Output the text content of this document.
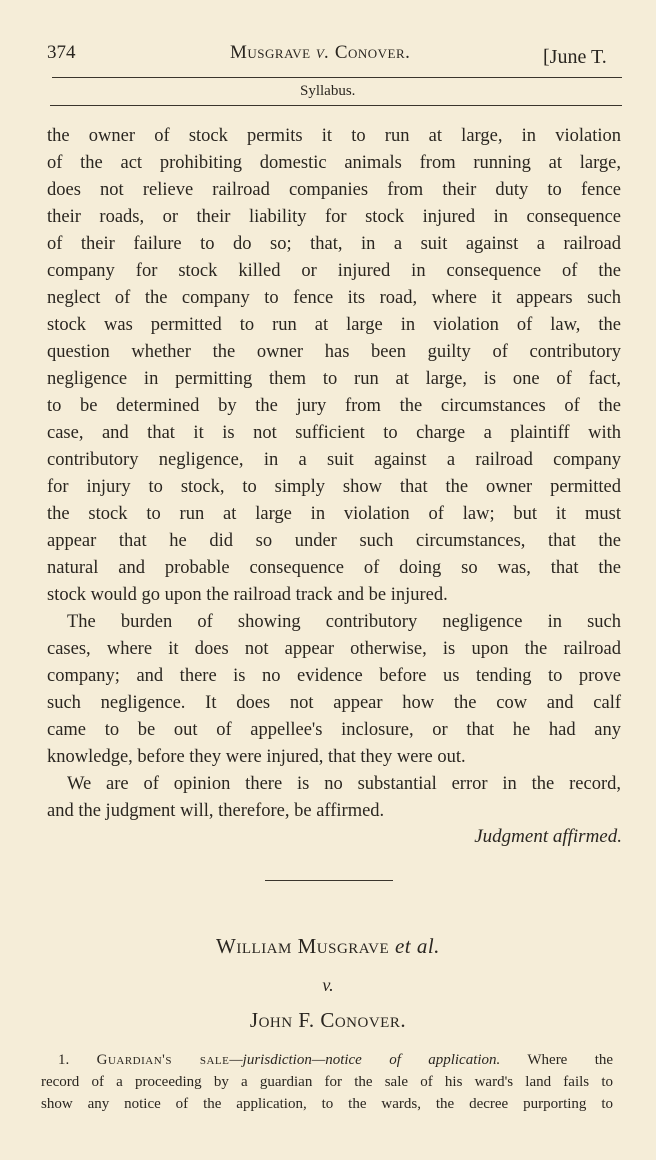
374	Musgrave v. Conover.	[June T.
Syllabus.
the owner of stock permits it to run at large, in violation
of the act prohibiting domestic animals from running at large,
does not relieve railroad companies from their duty to fence
their roads, or their liability for stock injured in consequence
of their failure to do so; that, in a suit against a railroad
company for stock killed or injured in consequence of the
neglect of the company to fence its road, where it appears such
stock was permitted to run at large in violation of law, the
question whether the owner has been guilty of contributory
negligence in permitting them to run at large, is one of fact,
to be determined by the jury from the circumstances of the
case, and that it is not sufficient to charge a plaintiff with
contributory negligence, in a suit against a railroad company
for injury to stock, to simply show that the owner permitted
the stock to run at large in violation of law; but it must
appear that he did so under such circumstances, that the
natural and probable consequence of doing so was, that the
stock would go upon the railroad track and be injured.
The burden of showing contributory negligence in such
cases, where it does not appear otherwise, is upon the railroad
company; and there is no evidence before us tending to prove
such negligence. It does not appear how the cow and calf
came to be out of appellee's inclosure, or that he had any
knowledge, before they were injured, that they were out.
We are of opinion there is no substantial error in the record,
and the judgment will, therefore, be affirmed.
Judgment affirmed.
William Musgrave et al.
v.
John F. Conover.
1. Guardian's sale—jurisdiction—notice of application. Where the
record of a proceeding by a guardian for the sale of his ward's land fails to
show any notice of the application, to the wards, the decree purporting to
